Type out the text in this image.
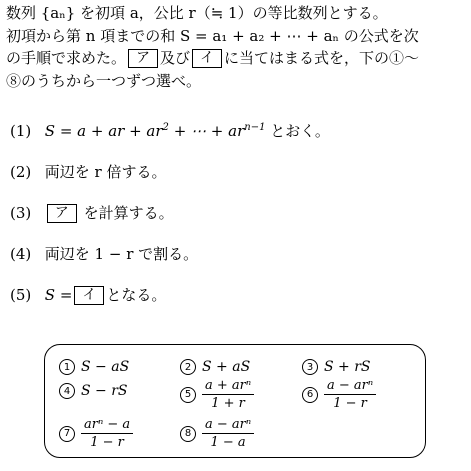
数列 {aₙ} を初項 a，公比 r（≒ 1）の等比数列とする。

初項から第 n 項までの和 S = a₁ + a₂ + ⋯ + aₙ の公式を次

の手順で求めた。 ア 及び イ に当てはまる式を，下の①〜

⑧のうちから一つずつ選べ。

(1) S = a + ar + $ar^2$ + ⋯ + $ar^{n-1}$ とおく。
(2) 両辺を r 倍する。
(3) ア を計算する。
(4) 両辺を 1 − r で割る。
(5) S = イ となる。
1 S − aS	2 S + aS	3 S + rS
4 S − rS	$5 \frac{\text{a + arⁿ}}{1 + r}$	$6 \frac{\text{a − arⁿ}}{1 - r}$
$7 \frac{\text{arⁿ − a}}{1 - r}$	$8 \frac{\text{a − arⁿ}}{1 - a}$
